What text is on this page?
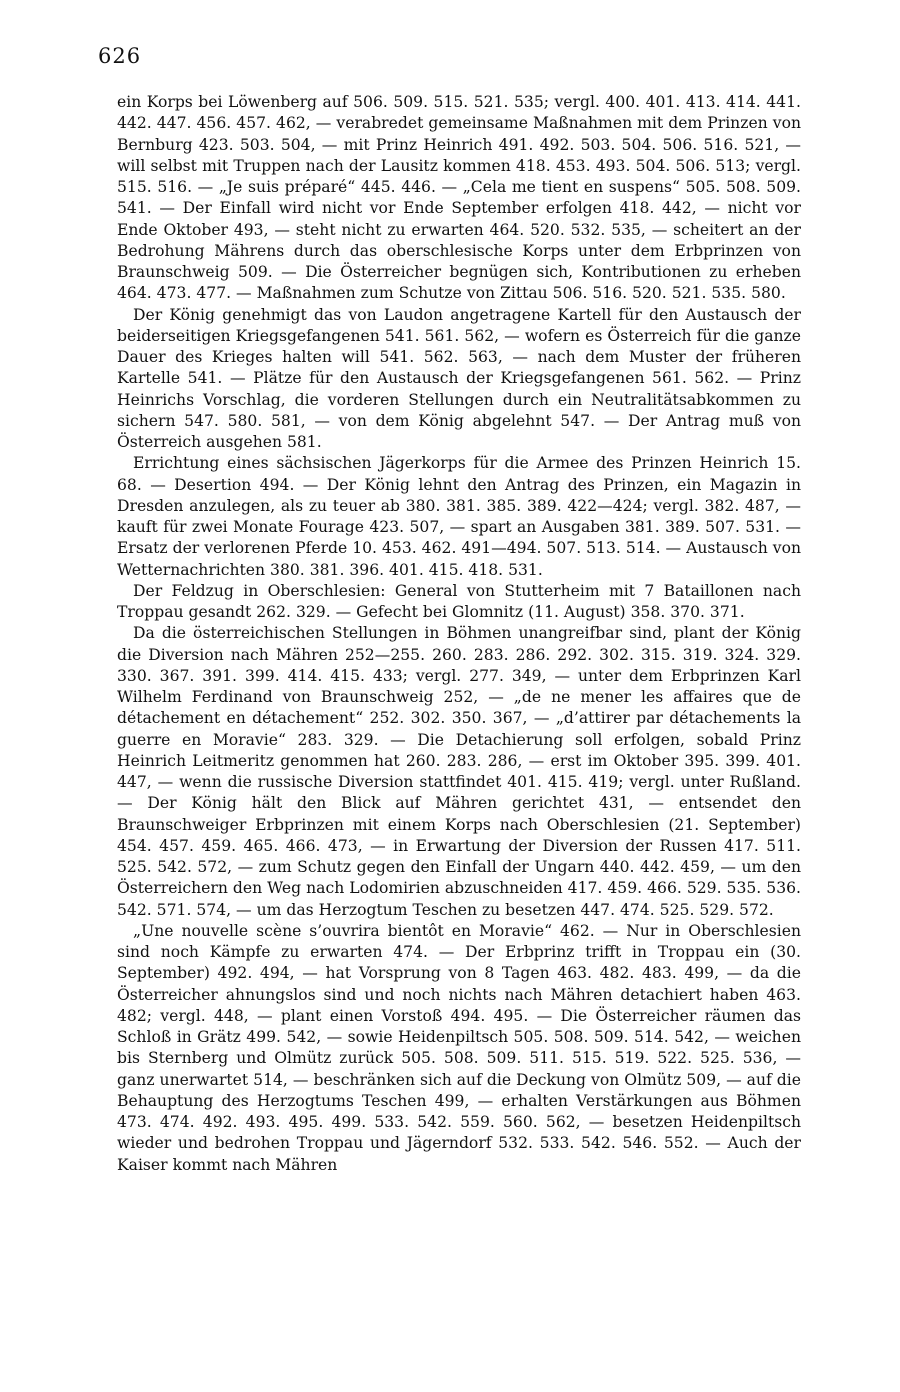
626

ein Korps bei Löwenberg auf 506. 509. 515. 521. 535; vergl. 400. 401. 413. 414. 441. 442. 447. 456. 457. 462, — verabredet gemeinsame Maßnahmen mit dem Prinzen von Bernburg 423. 503. 504, — mit Prinz Heinrich 491. 492. 503. 504. 506. 516. 521, — will selbst mit Truppen nach der Lausitz kommen 418. 453. 493. 504. 506. 513; vergl. 515. 516. — „Je suis préparé“ 445. 446. — „Cela me tient en suspens“ 505. 508. 509. 541. — Der Einfall wird nicht vor Ende September erfolgen 418. 442, — nicht vor Ende Oktober 493, — steht nicht zu erwarten 464. 520. 532. 535, — scheitert an der Bedrohung Mährens durch das oberschlesische Korps unter dem Erbprinzen von Braunschweig 509. — Die Österreicher begnügen sich, Kontributionen zu erheben 464. 473. 477. — Maßnahmen zum Schutze von Zittau 506. 516. 520. 521. 535. 580.

Der König genehmigt das von Laudon angetragene Kartell für den Austausch der beiderseitigen Kriegsgefangenen 541. 561. 562, — wofern es Österreich für die ganze Dauer des Krieges halten will 541. 562. 563, — nach dem Muster der früheren Kartelle 541. — Plätze für den Austausch der Kriegsgefangenen 561. 562. — Prinz Heinrichs Vorschlag, die vorderen Stellungen durch ein Neutralitätsabkommen zu sichern 547. 580. 581, — von dem König abgelehnt 547. — Der Antrag muß von Österreich ausgehen 581.

Errichtung eines sächsischen Jägerkorps für die Armee des Prinzen Heinrich 15. 68. — Desertion 494. — Der König lehnt den Antrag des Prinzen, ein Magazin in Dresden anzulegen, als zu teuer ab 380. 381. 385. 389. 422—424; vergl. 382. 487, — kauft für zwei Monate Fourage 423. 507, — spart an Ausgaben 381. 389. 507. 531. — Ersatz der verlorenen Pferde 10. 453. 462. 491—494. 507. 513. 514. — Austausch von Wetternachrichten 380. 381. 396. 401. 415. 418. 531.

Der Feldzug in Oberschlesien: General von Stutterheim mit 7 Bataillonen nach Troppau gesandt 262. 329. — Gefecht bei Glomnitz (11. August) 358. 370. 371.

Da die österreichischen Stellungen in Böhmen unangreifbar sind, plant der König die Diversion nach Mähren 252—255. 260. 283. 286. 292. 302. 315. 319. 324. 329. 330. 367. 391. 399. 414. 415. 433; vergl. 277. 349, — unter dem Erbprinzen Karl Wilhelm Ferdinand von Braunschweig 252, — „de ne mener les affaires que de détachement en détachement“ 252. 302. 350. 367, — „d’attirer par détachements la guerre en Moravie“ 283. 329. — Die Detachierung soll erfolgen, sobald Prinz Heinrich Leitmeritz genommen hat 260. 283. 286, — erst im Oktober 395. 399. 401. 447, — wenn die russische Diversion stattfindet 401. 415. 419; vergl. unter Rußland. — Der König hält den Blick auf Mähren gerichtet 431, — entsendet den Braunschweiger Erbprinzen mit einem Korps nach Oberschlesien (21. September) 454. 457. 459. 465. 466. 473, — in Erwartung der Diversion der Russen 417. 511. 525. 542. 572, — zum Schutz gegen den Einfall der Ungarn 440. 442. 459, — um den Österreichern den Weg nach Lodomirien abzuschneiden 417. 459. 466. 529. 535. 536. 542. 571. 574, — um das Herzogtum Teschen zu besetzen 447. 474. 525. 529. 572.

„Une nouvelle scène s’ouvrira bientôt en Moravie“ 462. — Nur in Oberschlesien sind noch Kämpfe zu erwarten 474. — Der Erbprinz trifft in Troppau ein (30. September) 492. 494, — hat Vorsprung von 8 Tagen 463. 482. 483. 499, — da die Österreicher ahnungslos sind und noch nichts nach Mähren detachiert haben 463. 482; vergl. 448, — plant einen Vorstoß 494. 495. — Die Österreicher räumen das Schloß in Grätz 499. 542, — sowie Heidenpiltsch 505. 508. 509. 514. 542, — weichen bis Sternberg und Olmütz zurück 505. 508. 509. 511. 515. 519. 522. 525. 536, — ganz unerwartet 514, — beschränken sich auf die Deckung von Olmütz 509, — auf die Behauptung des Herzogtums Teschen 499, — erhalten Verstärkungen aus Böhmen 473. 474. 492. 493. 495. 499. 533. 542. 559. 560. 562, — besetzen Heidenpiltsch wieder und bedrohen Troppau und Jägerndorf 532. 533. 542. 546. 552. — Auch der Kaiser kommt nach Mähren
